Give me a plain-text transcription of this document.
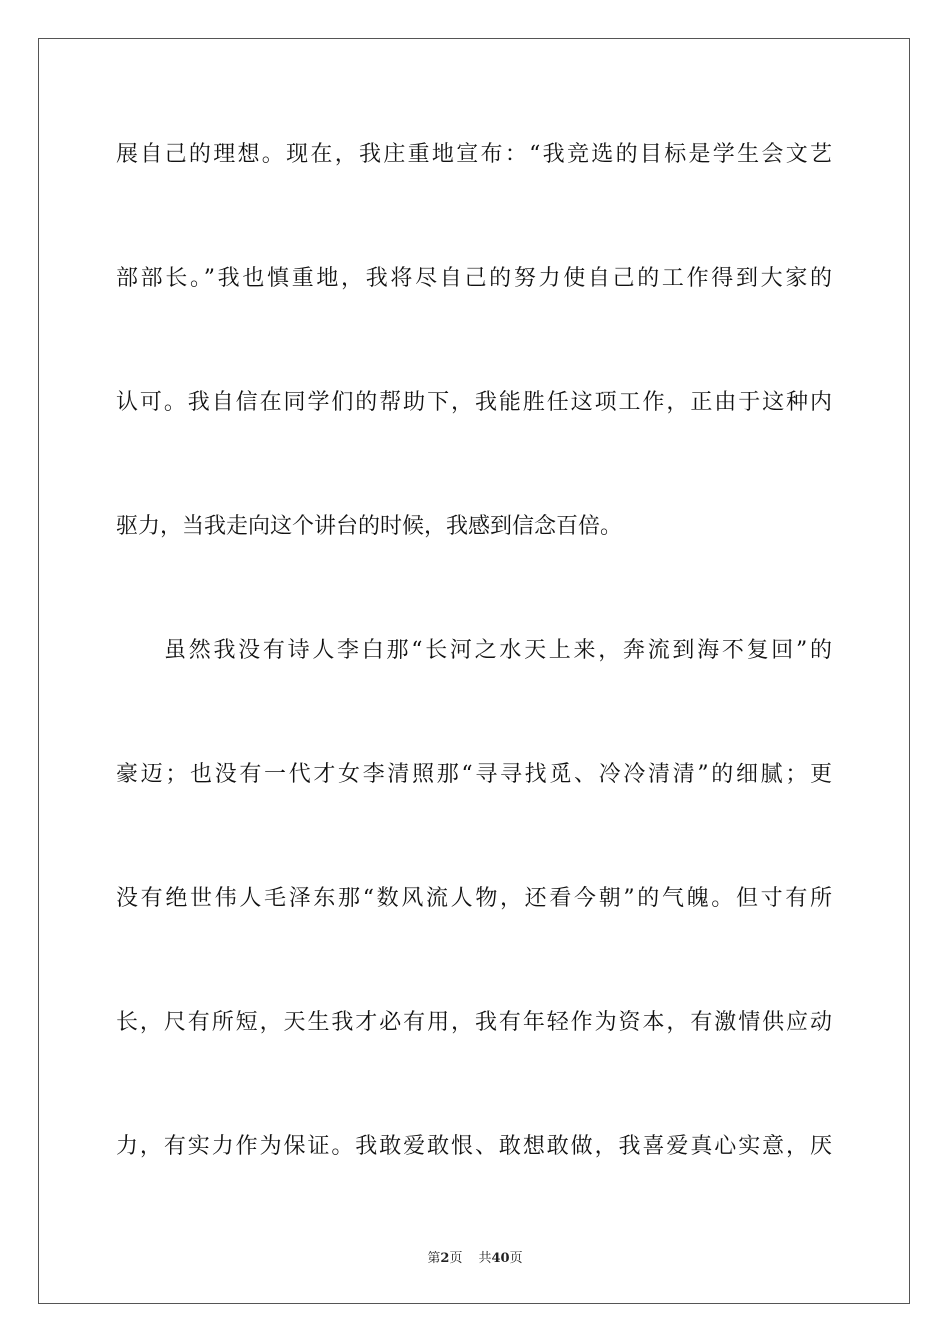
展自己的理想。现在，我庄重地宣布：“我竞选的目标是学生会文艺
部部长。”我也慎重地，我将尽自己的努力使自己的工作得到大家的
认可。我自信在同学们的帮助下，我能胜任这项工作，正由于这种内
驱力，当我走向这个讲台的时候，我感到信念百倍。
虽然我没有诗人李白那“长河之水天上来，奔流到海不复回”的
豪迈；也没有一代才女李清照那“寻寻找觅、冷冷清清”的细腻；更
没有绝世伟人毛泽东那“数风流人物，还看今朝”的气魄。但寸有所
长，尺有所短，天生我才必有用，我有年轻作为资本，有激情供应动
力，有实力作为保证。我敢爱敢恨、敢想敢做，我喜爱真心实意，厌
第2页 共40页
